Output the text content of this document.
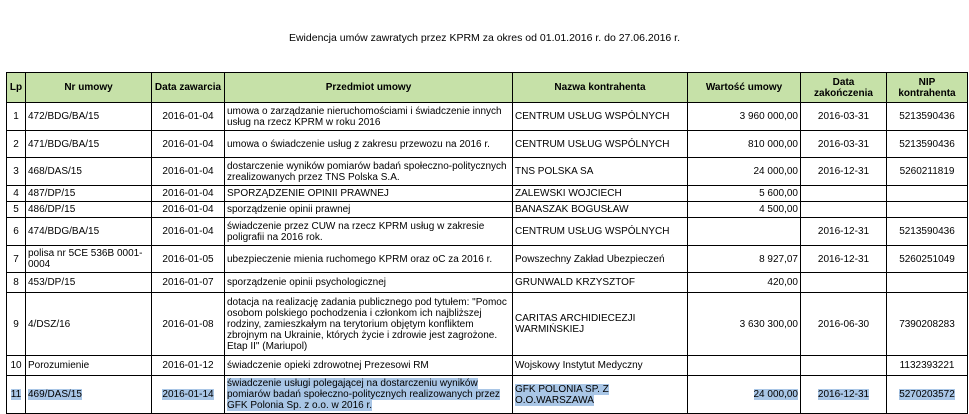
Ewidencja umów zawratych przez KPRM za okres od 01.01.2016 r. do 27.06.2016 r.
Lp	Nr umowy	Data zawarcia	Przedmiot umowy	Nazwa kontrahenta	Wartość umowy	Data zakończenia	NIP kontrahenta
1	472/BDG/BA/15	2016-01-04	umowa o zarządzanie nieruchomościami i świadczenie innych usług na rzecz KPRM w roku 2016	CENTRUM USŁUG WSPÓLNYCH	3 960 000,00	2016-03-31	5213590436
2	471/BDG/BA/15	2016-01-04	umowa o świadczenie usług z zakresu przewozu na 2016 r.	CENTRUM USŁUG WSPÓLNYCH	810 000,00	2016-03-31	5213590436
3	468/DAS/15	2016-01-04	dostarczenie wyników pomiarów badań społeczno-politycznych zrealizowanych przez TNS Polska S.A.	TNS POLSKA SA	24 000,00	2016-12-31	5260211819
4	487/DP/15	2016-01-04	SPORZĄDZENIE OPINII PRAWNEJ	ZALEWSKI WOJCIECH	5 600,00		
5	486/DP/15	2016-01-04	sporządzenie opinii prawnej	BANASZAK BOGUSŁAW	4 500,00		
6	474/BDG/BA/15	2016-01-04	świadczenie przez CUW na rzecz KPRM usług w zakresie poligrafii na 2016 rok.	CENTRUM USŁUG WSPÓLNYCH		2016-12-31	5213590436
7	polisa nr 5CE 536B 0001-0004	2016-01-05	ubezpieczenie mienia ruchomego KPRM oraz oC za 2016 r.	Powszechny Zakład Ubezpieczeń	8 927,07	2016-12-31	5260251049
8	453/DP/15	2016-01-07	sporządzenie opinii psychologicznej	GRUNWALD KRZYSZTOF	420,00		
9	4/DSZ/16	2016-01-08	dotacja na realizację zadania publicznego pod tytułem: "Pomoc osobom polskiego pochodzenia i członkom ich najbliższej rodziny, zamieszkałym na terytorium objętym konfliktem zbrojnym na Ukrainie, których życie i zdrowie jest zagrożone. Etap II" (Mariupol)	CARITAS ARCHIDIECEZJI WARMIŃSKIEJ	3 630 300,00	2016-06-30	7390208283
10	Porozumienie	2016-01-12	świadczenie opieki zdrowotnej Prezesowi RM	Wojskowy Instytut Medyczny			1132393221
11	469/DAS/15	2016-01-14	świadczenie usługi polegającej na dostarczeniu wyników pomiarów badań społeczno-politycznych realizowanych przez GFK Polonia Sp. z o.o. w 2016 r.	GFK POLONIA SP. Z O.O.WARSZAWA	24 000,00	2016-12-31	5270203572
